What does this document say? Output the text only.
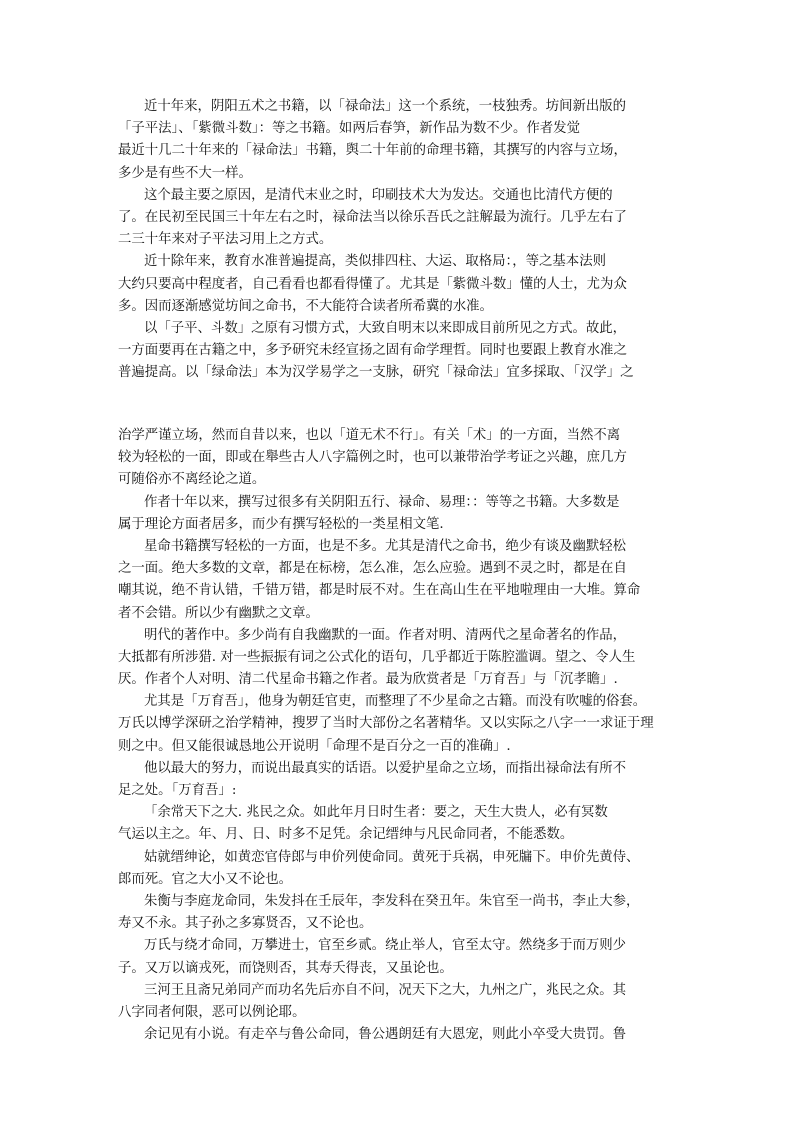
近十年来，阴阳五术之书籍，以「禄命法」这一个系统，一枝独秀。坊间新出版的
「子平法」、「紫微斗数」：等之书籍。如两后春笋，新作品为数不少。作者发觉
最近十几二十年来的「禄命法」书籍，舆二十年前的命理书籍，其撰写的内容与立场，
多少是有些不大一样。
这个最主要之原因，是清代末业之时，印刷技术大为发达。交通也比清代方便的
了。在民初至民国三十年左右之时，禄命法当以徐乐吾氏之註解最为流行。几乎左右了
二三十年来对子平法习用上之方式。
近十除年来，教育水准普遍提高，类似排四柱、大运、取格局：，等之基本法则
大约只要高中程度者，自己看看也都看得懂了。尤其是「紫微斗数」懂的人士，尤为众
多。因而逐渐感觉坊间之命书，不大能符合读者所希冀的水准。
以「子平、斗数」之原有习惯方式，大致自明末以来即成目前所见之方式。故此，
一方面要再在古籍之中，多予研究未经宣扬之固有命学理哲。同时也要跟上教育水准之
普遍提高。以「绿命法」本为汉学易学之一支脉，研究「禄命法」宜多採取、「汉学」之
治学严谨立场，然而自昔以来，也以「道无术不行」。有关「术」的一方面，当然不离
较为轻松的一面，即或在舉些古人八字篇例之时，也可以兼带治学考证之兴趣，庶几方
可随俗亦不离经论之道。
作者十年以来，撰写过很多有关阴阳五行、禄命、易理：：等等之书籍。大多数是
属于理论方面者居多，而少有撰写轻松的一类星相文笔.
星命书籍撰写轻松的一方面，也是不多。尤其是清代之命书，绝少有谈及幽默轻松
之一面。绝大多数的文章，都是在标榜，怎么准，怎么应验。遇到不灵之时，都是在自
嘲其说，绝不肯认错，千错万错，都是时辰不对。生在高山生在平地啦理由一大堆。算命
者不会错。所以少有幽默之文章。
明代的著作中。多少尚有自我幽默的一面。作者对明、清两代之星命著名的作品，
大抵都有所涉猎. 对一些振振有词之公式化的语句，几乎都近于陈腔滥调。望之、令人生
厌。作者个人对明、清二代星命书籍之作者。最为欣赏者是「万育吾」与「沉孝瞻」.
尤其是「万育吾」，他身为朝廷官吏，而整理了不少星命之古籍。而没有吹嘘的俗套。
万氏以博学深研之治学精神，搜罗了当时大部份之名著精华。又以实际之八字一一求证于理
则之中。但又能很诚恳地公开说明「命理不是百分之一百的准确」.
他以最大的努力，而说出最真实的话语。以爱护星命之立场，而指出禄命法有所不
足之处。「万育吾」:
「余常天下之大. 兆民之众。如此年月日时生者：要之，天生大贵人，必有冥数
气运以主之。年、月、日、时多不足凭。余记缙绅与凡民命同者，不能悉数。
姑就缙绅论，如黄恋官侍郎与申价列使命同。黄死于兵祸，申死牖下。申价先黄侍、
郎而死。官之大小又不论也。
朱衡与李庭龙命同，朱发抖在壬辰年，李发科在癸丑年。朱官至一尚书，李止大参，
寿又不永。其子孙之多寡贤否，又不论也。
万氏与绕才命同，万攀进士，官至乡贰。绕止举人，官至太守。然绕多于而万则少
子。又万以谪戎死，而饶则否，其寿夭得丧，又虽论也。
三河王且斋兄弟同产而功名先后亦自不问，况天下之大，九州之广，兆民之众。其
八字同者何限，恶可以例论耶。
余记见有小说。有走卒与鲁公命同，鲁公遇朗廷有大恩宠，则此小卒受大贵罚。鲁
